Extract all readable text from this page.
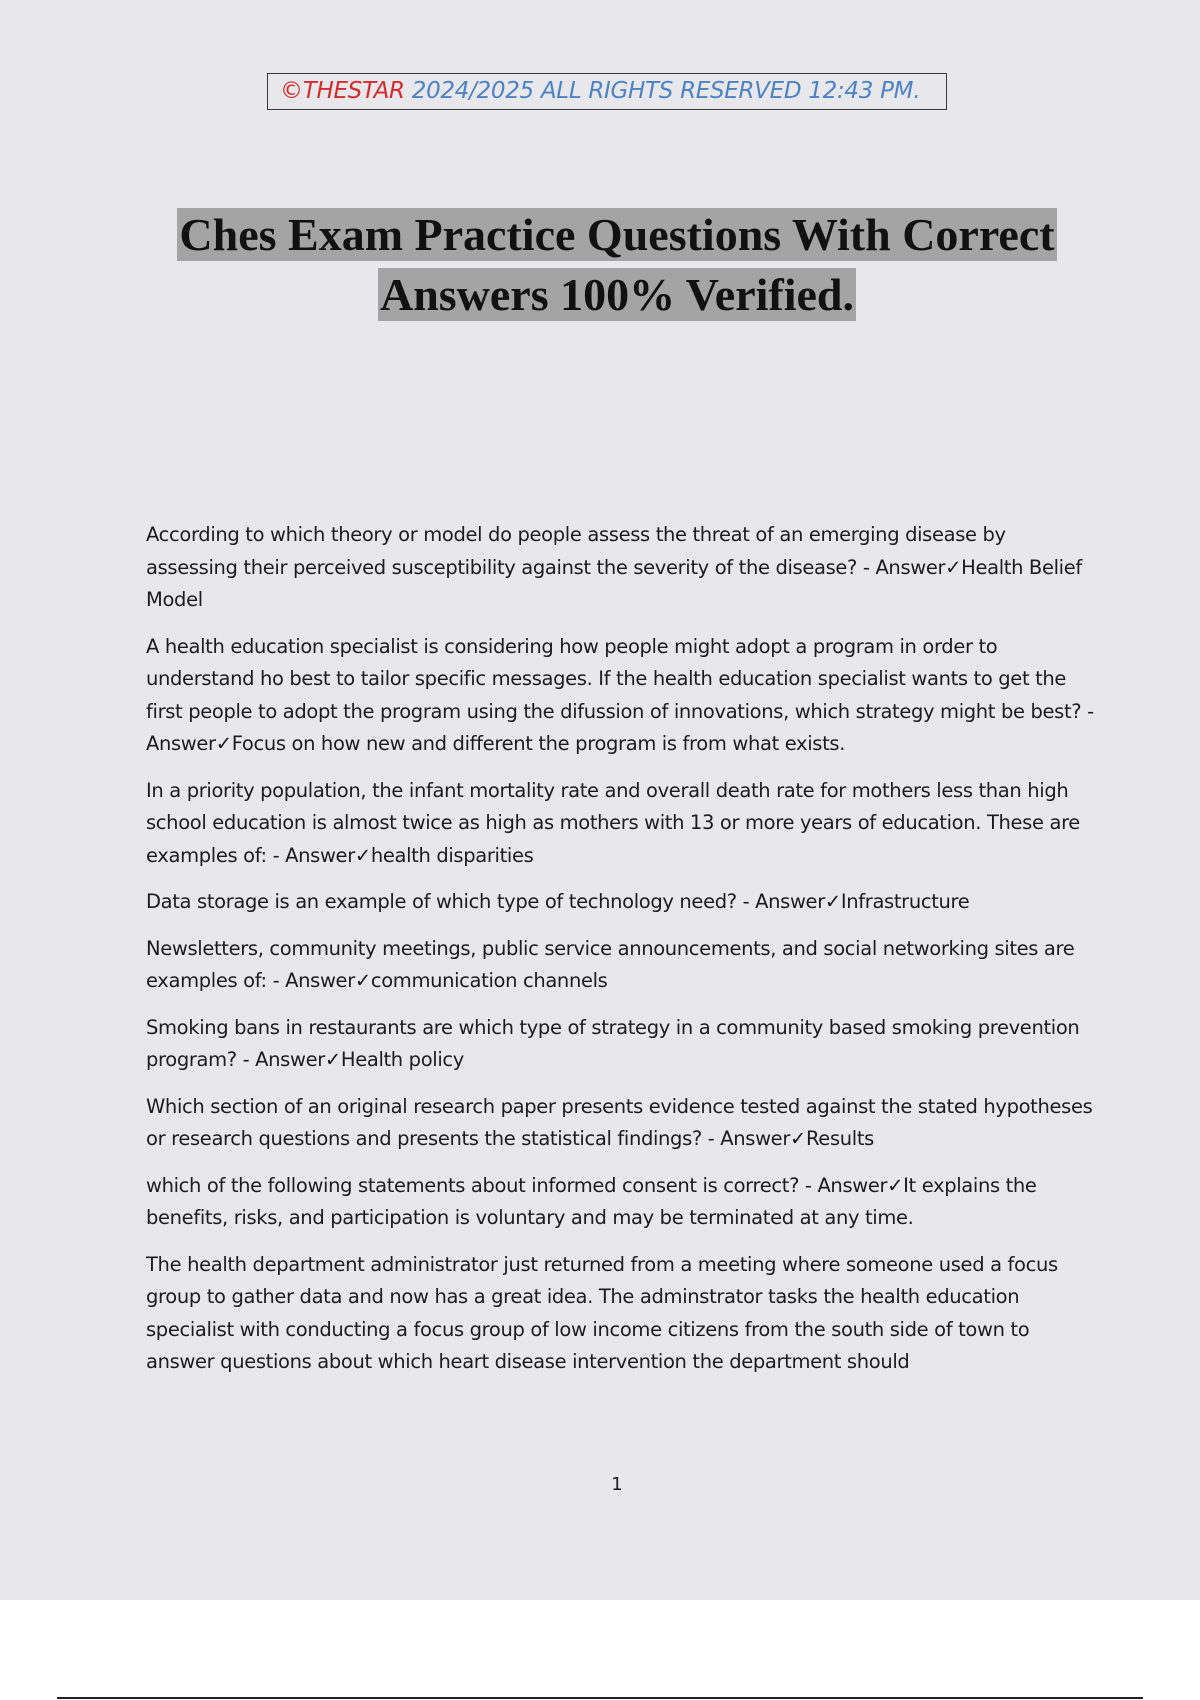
©THESTAR 2024/2025 ALL RIGHTS RESERVED 12:43 PM.
Ches Exam Practice Questions With Correct
Answers 100% Verified.

According to which theory or model do people assess the threat of an emerging disease by assessing their perceived susceptibility against the severity of the disease? - Answer✓Health Belief Model

A health education specialist is considering how people might adopt a program in order to understand ho best to tailor specific messages. If the health education specialist wants to get the first people to adopt the program using the difussion of innovations, which strategy might be best? - Answer✓Focus on how new and different the program is from what exists.

In a priority population, the infant mortality rate and overall death rate for mothers less than high school education is almost twice as high as mothers with 13 or more years of education. These are examples of: - Answer✓health disparities

Data storage is an example of which type of technology need? - Answer✓Infrastructure

Newsletters, community meetings, public service announcements, and social networking sites are examples of: - Answer✓communication channels

Smoking bans in restaurants are which type of strategy in a community based smoking prevention program? - Answer✓Health policy

Which section of an original research paper presents evidence tested against the stated hypotheses or research questions and presents the statistical findings? - Answer✓Results

which of the following statements about informed consent is correct? - Answer✓It explains the benefits, risks, and participation is voluntary and may be terminated at any time.

The health department administrator just returned from a meeting where someone used a focus group to gather data and now has a great idea. The adminstrator tasks the health education specialist with conducting a focus group of low income citizens from the south side of town to answer questions about which heart disease intervention the department should

1
